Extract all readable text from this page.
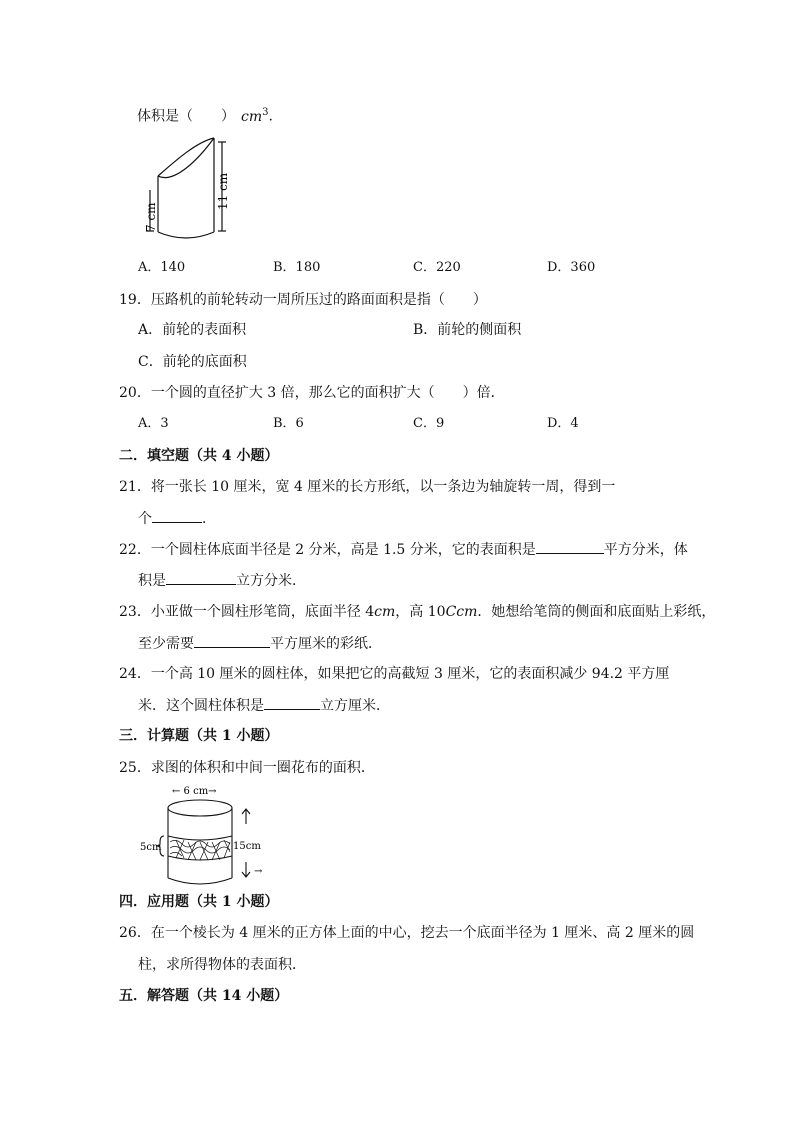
体积是（　　 ） $cm^3$.
7 cm
11 cm
A．140	B．180	C．220	D．360
19．压路机的前轮转动一周所压过的路面面积是指（　　）
A．前轮的表面积	B．前轮的侧面积
C．前轮的底面积
20．一个圆的直径扩大 3 倍，那么它的面积扩大（　　）倍．
A．3	B．6	C．9	D．4
二．填空题（共 4 小题）
21．将一张长 10 厘米，宽 4 厘米的长方形纸，以一条边为轴旋转一周，得到一
个	．
22．一个圆柱体底面半径是 2 分米，高是 1.5 分米，它的表面积是	平方分米，体
积是	立方分米．
23．小亚做一个圆柱形笔筒，底面半径 4cm，高 10Ccm．她想给笔筒的侧面和底面贴上彩纸，
至少需要	平方厘米的彩纸．
24．一个高 10 厘米的圆柱体，如果把它的高截短 3 厘米，它的表面积减少 94.2 平方厘
米．这个圆柱体积是	立方厘米．
三．计算题（共 1 小题）
25．求图的体积和中间一圈花布的面积．
← 6 cm→
5cm	15cm
→
四．应用题（共 1 小题）
26．在一个棱长为 4 厘米的正方体上面的中心，挖去一个底面半径为 1 厘米、高 2 厘米的圆
柱，求所得物体的表面积．
五．解答题（共 14 小题）
